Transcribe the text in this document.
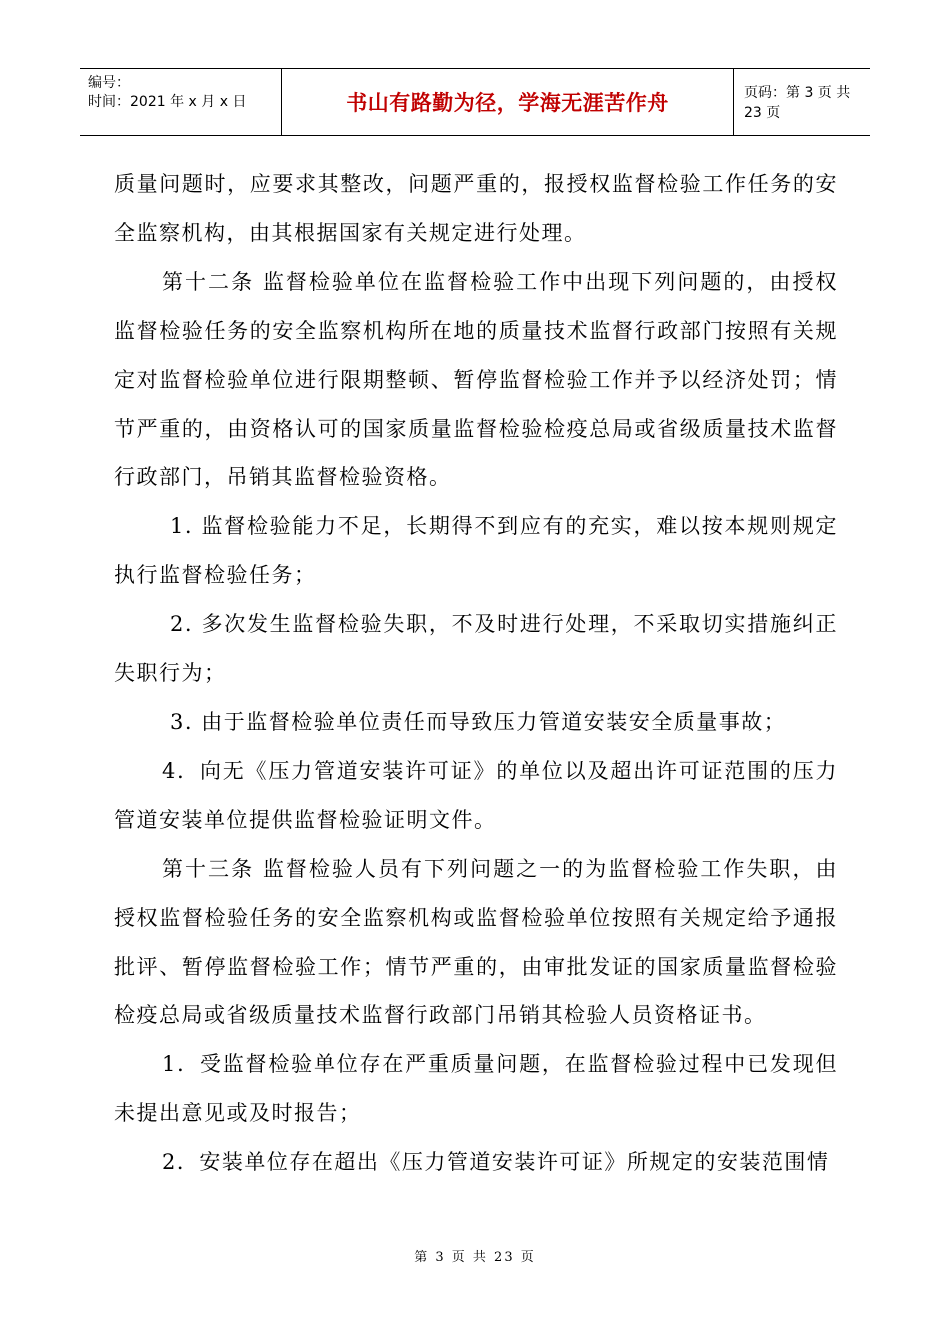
编号：
时间：2021 年 x 月 x 日	书山有路勤为径，学海无涯苦作舟	页码：第 3 页 共 23 页

质量问题时，应要求其整改，问题严重的，报授权监督检验工作任务的安全监察机构，由其根据国家有关规定进行处理。

第十二条 监督检验单位在监督检验工作中出现下列问题的，由授权监督检验任务的安全监察机构所在地的质量技术监督行政部门按照有关规定对监督检验单位进行限期整顿、暂停监督检验工作并予以经济处罚；情节严重的，由资格认可的国家质量监督检验检疫总局或省级质量技术监督行政部门，吊销其监督检验资格。

1. 监督检验能力不足，长期得不到应有的充实，难以按本规则规定执行监督检验任务；

2. 多次发生监督检验失职，不及时进行处理，不采取切实措施纠正失职行为；

3. 由于监督检验单位责任而导致压力管道安装安全质量事故；

4．向无《压力管道安装许可证》的单位以及超出许可证范围的压力管道安装单位提供监督检验证明文件。

第十三条 监督检验人员有下列问题之一的为监督检验工作失职，由授权监督检验任务的安全监察机构或监督检验单位按照有关规定给予通报批评、暂停监督检验工作；情节严重的，由审批发证的国家质量监督检验检疫总局或省级质量技术监督行政部门吊销其检验人员资格证书。

1．受监督检验单位存在严重质量问题，在监督检验过程中已发现但未提出意见或及时报告；

2．安装单位存在超出《压力管道安装许可证》所规定的安装范围情

第 3 页 共 23 页
